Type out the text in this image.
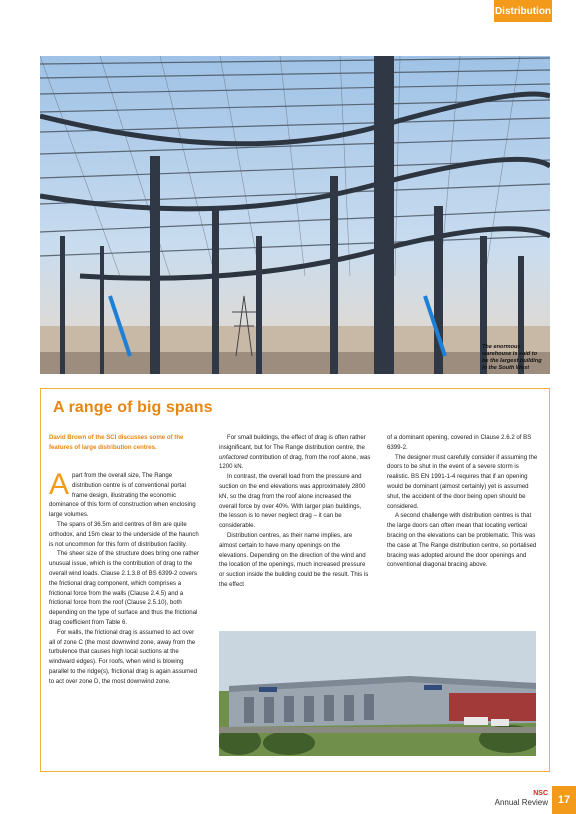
Distribution
The enormous warehouse is said to be the largest building in the South West
A range of big spans

David Brown of the SCI discusses some of the features of large distribution centres.

Apart from the overall size, The Range distribution centre is of conventional portal frame design, illustrating the economic dominance of this form of construction when enclosing large volumes.

The spans of 36.5m and centres of 8m are quite orthodox, and 15m clear to the underside of the haunch is not uncommon for this form of distribution facility.

The sheer size of the structure does bring one rather unusual issue, which is the contribution of drag to the overall wind loads. Clause 2.1.3.8 of BS 6399-2 covers the frictional drag component, which comprises a frictional force from the walls (Clause 2.4.5) and a frictional force from the roof (Clause 2.5.10), both depending on the type of surface and thus the frictional drag coefficient from Table 6.

For walls, the frictional drag is assumed to act over all of zone C (the most downwind zone, away from the turbulence that causes high local suctions at the windward edges). For roofs, when wind is blowing parallel to the ridge(s), frictional drag is again assumed to act over zone D, the most downwind zone.

For small buildings, the effect of drag is often rather insignificant, but for The Range distribution centre, the unfactored contribution of drag, from the roof alone, was 1200 kN.

In contrast, the overall load from the pressure and suction on the end elevations was approximately 2800 kN, so the drag from the roof alone increased the overall force by over 40%. With larger plan buildings, the lesson is to never neglect drag – it can be considerable.

Distribution centres, as their name implies, are almost certain to have many openings on the elevations. Depending on the direction of the wind and the location of the openings, much increased pressure or suction inside the building could be the result. This is the effect

of a dominant opening, covered in Clause 2.6.2 of BS 6399-2.

The designer must carefully consider if assuming the doors to be shut in the event of a severe storm is realistic. BS EN 1991-1-4 requires that if an opening would be dominant (almost certainly) yet is assumed shut, the accident of the door being open should be considered.

A second challenge with distribution centres is that the large doors can often mean that locating vertical bracing on the elevations can be problematic. This was the case at The Range distribution centre, so portalised bracing was adopted around the door openings and conventional diagonal bracing above.

NSC
Annual Review 17
